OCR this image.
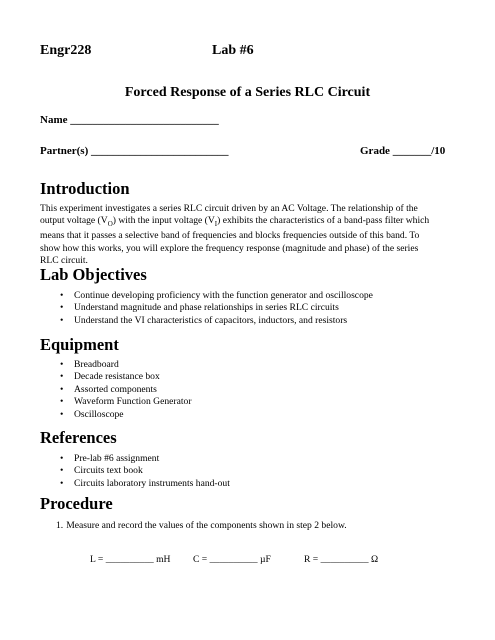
Engr228	Lab #6
Forced Response of a Series RLC Circuit
Name ___________________________
Partner(s) _________________________	Grade _______/10
Introduction
This experiment investigates a series RLC circuit driven by an AC Voltage. The relationship of the
output voltage $(V_O)$ with the input voltage $(V_I)$ exhibits the characteristics of a band-pass filter which
means that it passes a selective band of frequencies and blocks frequencies outside of this band. To
show how this works, you will explore the frequency response (magnitude and phase) of the series
RLC circuit.
Lab Objectives
• Continue developing proficiency with the function generator and oscilloscope
• Understand magnitude and phase relationships in series RLC circuits
• Understand the VI characteristics of capacitors, inductors, and resistors
Equipment
• Breadboard
• Decade resistance box
• Assorted components
• Waveform Function Generator
• Oscilloscope
References
• Pre-lab #6 assignment
• Circuits text book
• Circuits laboratory instruments hand-out
Procedure
1. Measure and record the values of the components shown in step 2 below.
L = __________ mH C = __________ µF	R = __________ Ω
